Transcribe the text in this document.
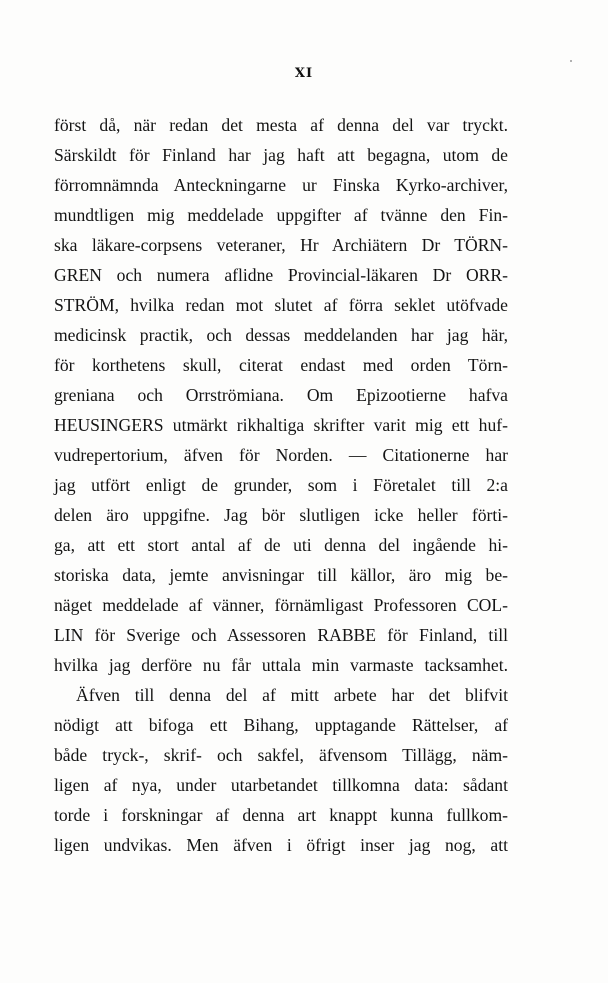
XI
först då, när redan det mesta af denna del var tryckt.
Särskildt för Finland har jag haft att begagna, utom de
förromnämnda Anteckningarne ur Finska Kyrko-archiver,
mundtligen mig meddelade uppgifter af tvänne den Fin-
ska läkare-corpsens veteraner, Hr Archiätern Dr TÖRN-
GREN och numera aflidne Provincial-läkaren Dr ORR-
STRÖM, hvilka redan mot slutet af förra seklet utöfvade
medicinsk practik, och dessas meddelanden har jag här,
för korthetens skull, citerat endast med orden Törn-
greniana och Orrströmiana. Om Epizootierne hafva
HEUSINGERS utmärkt rikhaltiga skrifter varit mig ett huf-
vudrepertorium, äfven för Norden. — Citationerne har
jag utfört enligt de grunder, som i Företalet till 2:a
delen äro uppgifne. Jag bör slutligen icke heller förti-
ga, att ett stort antal af de uti denna del ingående hi-
storiska data, jemte anvisningar till källor, äro mig be-
näget meddelade af vänner, förnämligast Professoren COL-
LIN för Sverige och Assessoren RABBE för Finland, till
hvilka jag derföre nu får uttala min varmaste tacksamhet.
Äfven till denna del af mitt arbete har det blifvit
nödigt att bifoga ett Bihang, upptagande Rättelser, af
både tryck-, skrif- och sakfel, äfvensom Tillägg, näm-
ligen af nya, under utarbetandet tillkomna data: sådant
torde i forskningar af denna art knappt kunna fullkom-
ligen undvikas. Men äfven i öfrigt inser jag nog, att
